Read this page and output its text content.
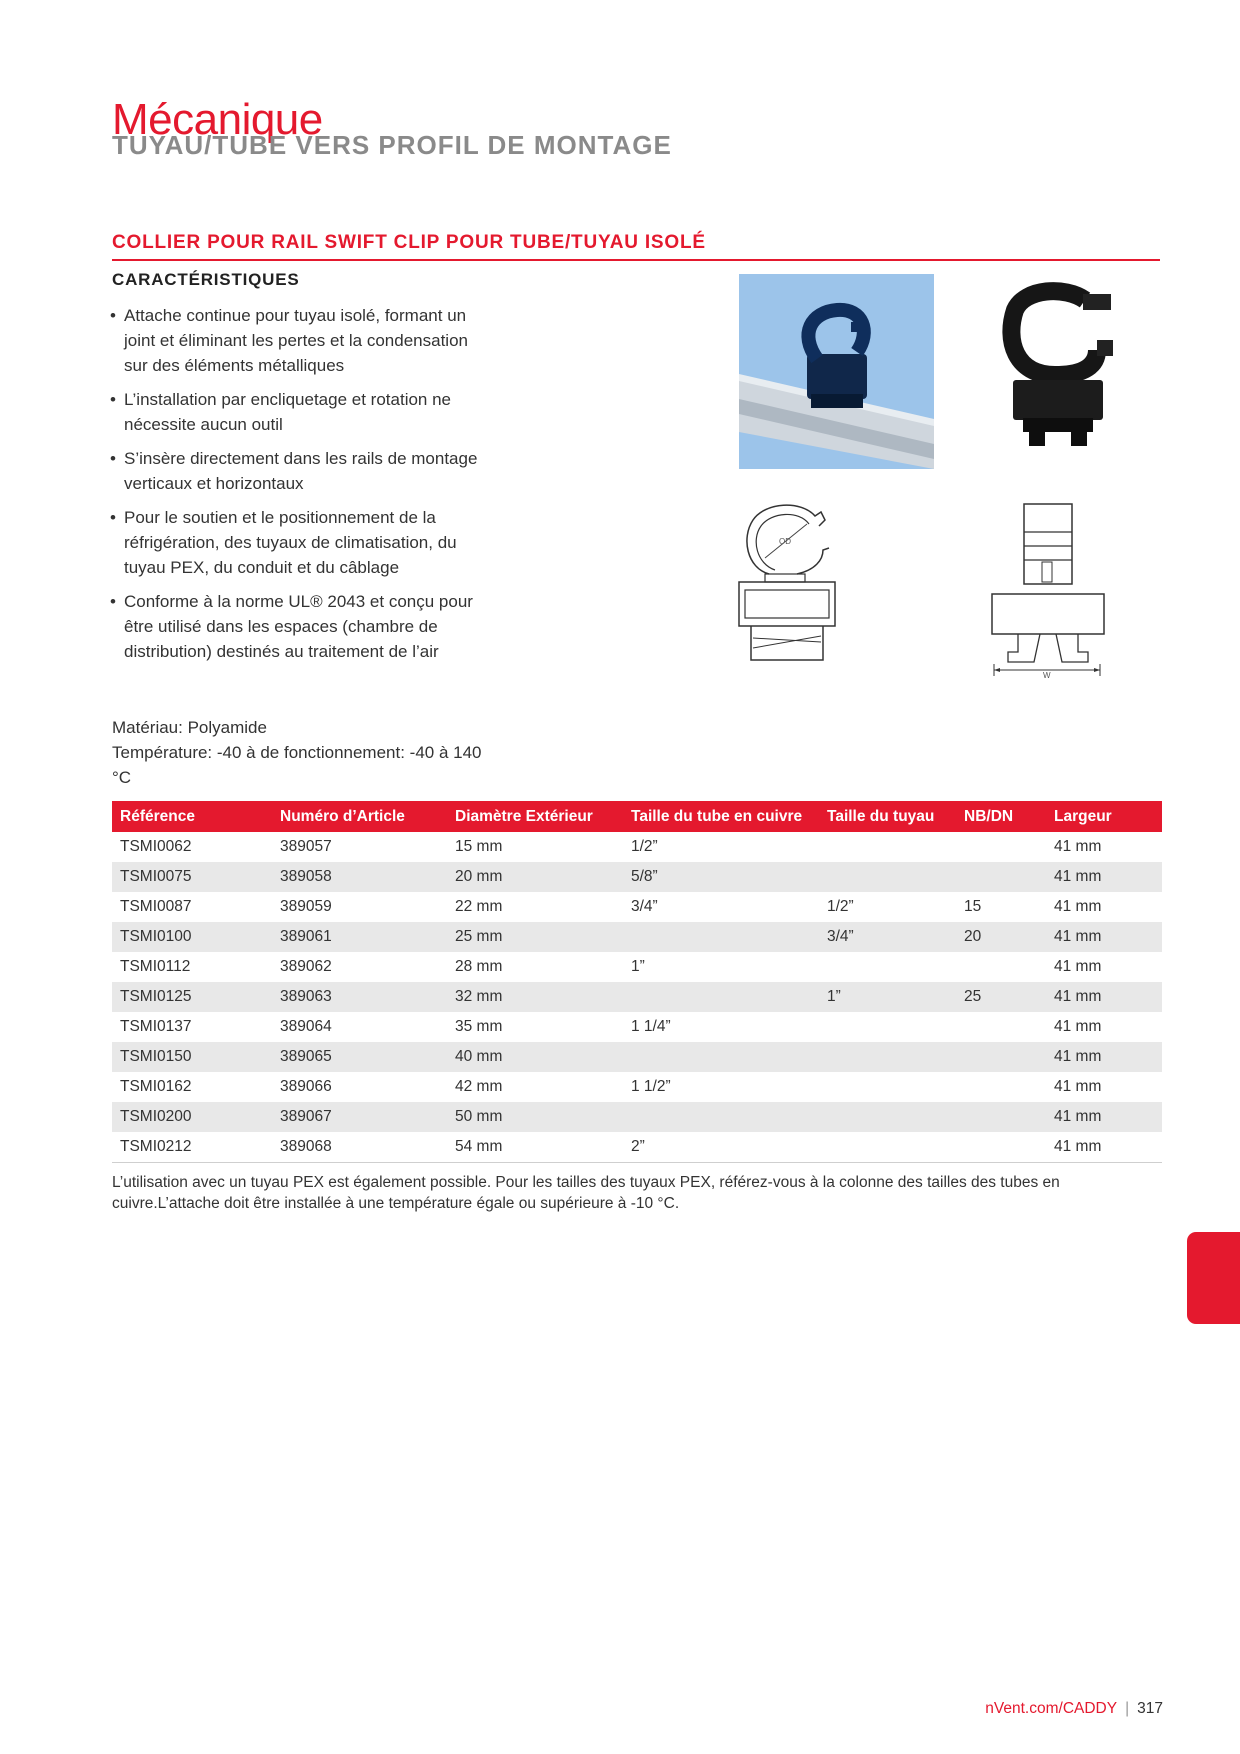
Mécanique
TUYAU/TUBE VERS PROFIL DE MONTAGE
COLLIER POUR RAIL SWIFT CLIP POUR TUBE/TUYAU ISOLÉ
CARACTÉRISTIQUES
• Attache continue pour tuyau isolé, formant un joint et éliminant les pertes et la condensation sur des éléments métalliques
• L’installation par encliquetage et rotation ne nécessite aucun outil
• S’insère directement dans les rails de montage verticaux et horizontaux
• Pour le soutien et le positionnement de la réfrigération, des tuyaux de climatisation, du tuyau PEX, du conduit et du câblage
• Conforme à la norme UL® 2043 et conçu pour être utilisé dans les espaces (chambre de distribution) destinés au traitement de l’air
Matériau: Polyamide
Température: -40 à de fonctionnement: -40 à 140 °C
OD
W
Référence	Numéro d’Article	Diamètre Extérieur	Taille du tube en cuivre	Taille du tuyau	NB/DN	Largeur
TSMI0062	389057	15 mm	1/2”			41 mm
TSMI0075	389058	20 mm	5/8”			41 mm
TSMI0087	389059	22 mm	3/4”	1/2”	15	41 mm
TSMI0100	389061	25 mm		3/4”	20	41 mm
TSMI0112	389062	28 mm	1”			41 mm
TSMI0125	389063	32 mm		1”	25	41 mm
TSMI0137	389064	35 mm	1 1/4”			41 mm
TSMI0150	389065	40 mm				41 mm
TSMI0162	389066	42 mm	1 1/2”			41 mm
TSMI0200	389067	50 mm				41 mm
TSMI0212	389068	54 mm	2”			41 mm
L’utilisation avec un tuyau PEX est également possible. Pour les tailles des tuyaux PEX, référez-vous à la colonne des tailles des tubes en cuivre.L’attache doit être installée à une température égale ou supérieure à -10 °C.
nVent.com/CADDY | 317
